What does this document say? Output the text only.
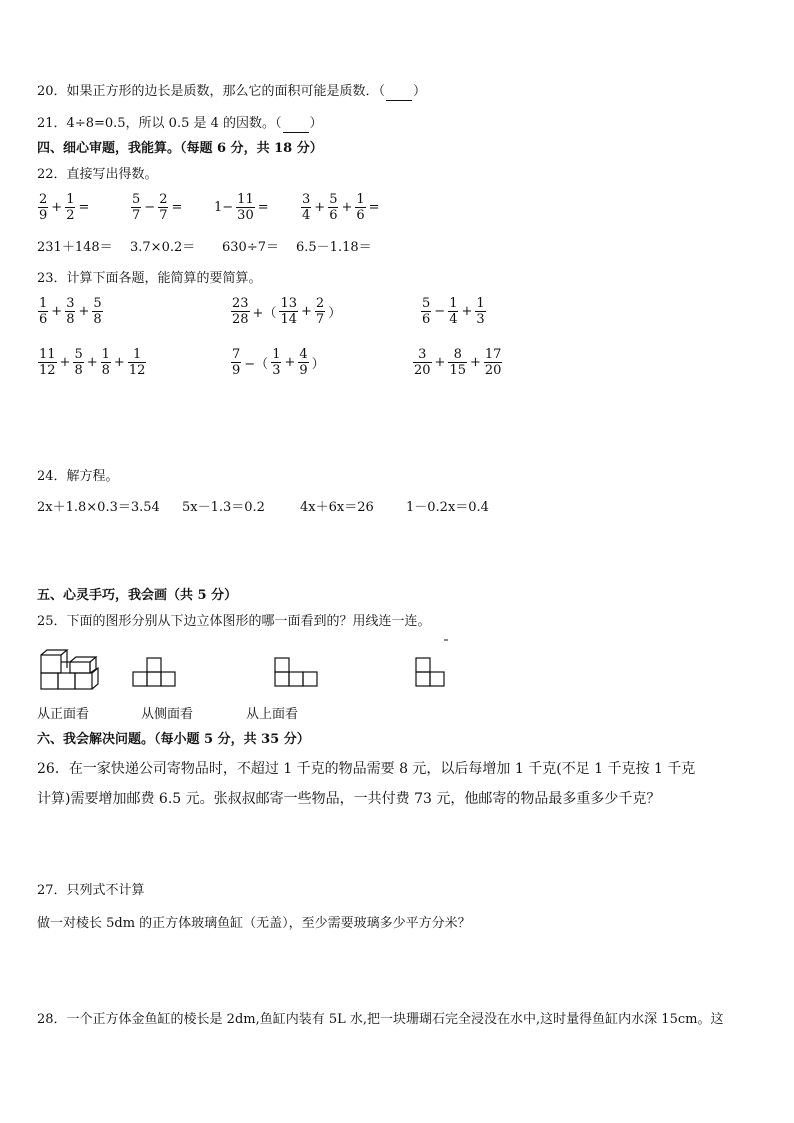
20．如果正方形的边长是质数，那么它的面积可能是质数．（ ）
21．4÷8=0.5，所以 0.5 是 4 的因数。（ ）
四、细心审题，我能算。（每题 6 分，共 18 分）
22．直接写出得数。
$\frac{2}{9} + \frac{1}{2}$ =	$\frac{5}{7} - \frac{2}{7} = 1- \frac{11}{30} = \frac{3}{4} + \frac{5}{6} + \frac{1}{6}$ =
231＋148＝ 3.7×0.2＝ 630÷7＝ 6.5－1.18＝
23．计算下面各题，能简算的要简算。
$\frac{1}{6} + \frac{3}{8} + \frac{5}{8}$	$\frac{23}{28}$ +（ $\frac{13}{14} + \frac{2}{7}$ ）	$\frac{5}{6} - \frac{1}{4} + \frac{1}{3}$
$\frac{11}{12} + \frac{5}{8} + \frac{1}{8} + \frac{1}{12}$	$\frac{7}{9}$ −（ $\frac{1}{3} + \frac{4}{9}$ ）	$\frac{3}{20} + \frac{8}{15} + \frac{17}{20}$
24．解方程。
2x＋1.8×0.3＝3.54 5x－1.3＝0.2	4x＋6x＝26 1－0.2x＝0.4
五、心灵手巧，我会画（共 5 分）
25．下面的图形分别从下边立体图形的哪一面看到的？用线连一连。
从正面看	从侧面看	从上面看
六、我会解决问题。（每小题 5 分，共 35 分）
26．在一家快递公司寄物品时，不超过 1 千克的物品需要 8 元，以后每增加 1 千克(不足 1 千克按 1 千克
计算)需要增加邮费 6.5 元。张叔叔邮寄一些物品，一共付费 73 元，他邮寄的物品最多重多少千克？
27．只列式不计算
做一对棱长 5dm 的正方体玻璃鱼缸（无盖），至少需要玻璃多少平方分米？
28．一个正方体金鱼缸的棱长是 2dm,鱼缸内装有 5L 水,把一块珊瑚石完全浸没在水中,这时量得鱼缸内水深 15cm。这
